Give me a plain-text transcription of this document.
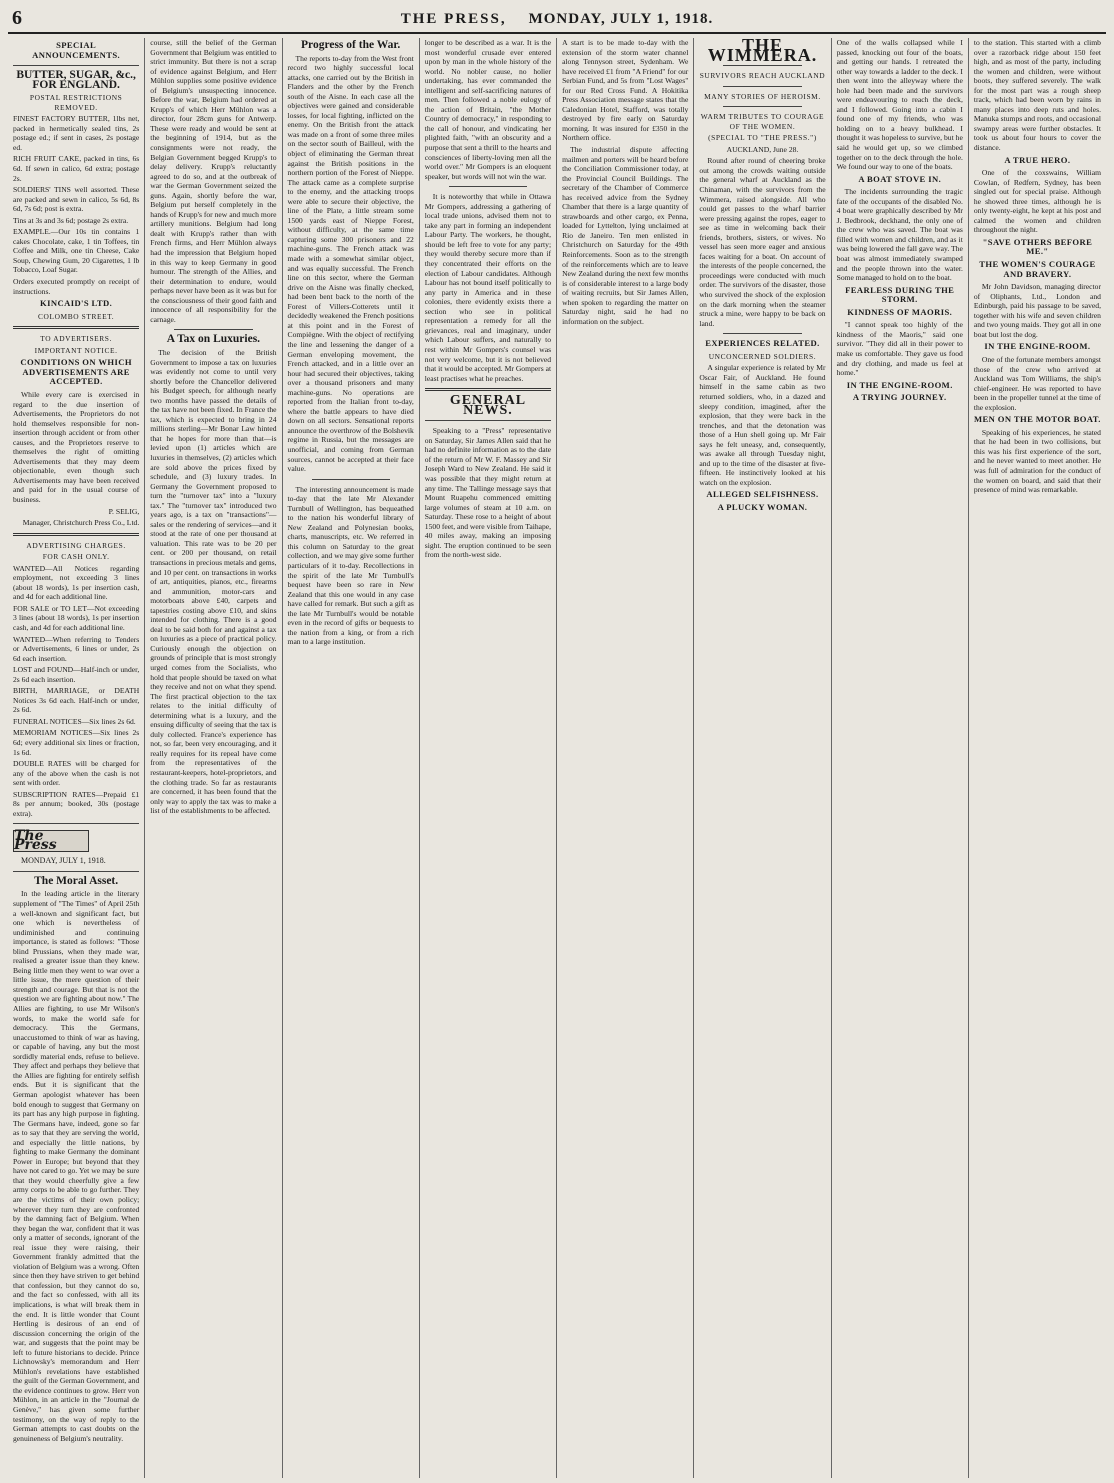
6	THE PRESS, MONDAY, JULY 1, 1918.
SPECIAL ANNOUNCEMENTS.
BUTTER, SUGAR, &c., FOR ENGLAND.
POSTAL RESTRICTIONS REMOVED.

FINEST FACTORY BUTTER, 1lbs net, packed in hermetically sealed tins, 2s postage ed.; if sent in cases, 2s postage ed.

RICH FRUIT CAKE, packed in tins, 6s 6d. If sewn in calico, 6d extra; postage 2s.

SOLDIERS' TINS well assorted. These are packed and sewn in calico, 5s 6d, 8s 6d, 7s 6d; post is extra.

Tins at 3s and 3s 6d; postage 2s extra.

EXAMPLE.—Our 10s tin contains 1 cakes Chocolate, cake, 1 tin Toffees, tin Coffee and Milk, one tin Cheese, Cake Soup, Chewing Gum, 20 Cigarettes, 1 lb Tobacco, Loaf Sugar.

Orders executed promptly on receipt of instructions.

KINCAID'S LTD.
COLOMBO STREET.
TO ADVERTISERS.
IMPORTANT NOTICE.
CONDITIONS ON WHICH ADVERTISEMENTS ARE ACCEPTED.

While every care is exercised in regard to the due insertion of Advertisements, the Proprietors do not hold themselves responsible for non-insertion through accident or from other causes, and the Proprietors reserve to themselves the right of omitting Advertisements that they may deem objectionable, even though such Advertisements may have been received and paid for in the usual course of business.

P. SELIG,

Manager, Christchurch Press Co., Ltd.

ADVERTISING CHARGES.
FOR CASH ONLY.

WANTED—All Notices regarding employment, not exceeding 3 lines (about 18 words), 1s per insertion cash, and 4d for each additional line.

FOR SALE or TO LET—Not exceeding 3 lines (about 18 words), 1s per insertion cash, and 4d for each additional line.

WANTED—When referring to Tenders or Advertisements, 6 lines or under, 2s 6d each insertion.

LOST and FOUND—Half-inch or under, 2s 6d each insertion.

BIRTH, MARRIAGE, or DEATH Notices 3s 6d each. Half-inch or under, 2s 6d.

FUNERAL NOTICES—Six lines 2s 6d.

MEMORIAM NOTICES—Six lines 2s 6d; every additional six lines or fraction, 1s 6d.

DOUBLE RATES will be charged for any of the above when the cash is not sent with order.

SUBSCRIPTION RATES—Prepaid £1 8s per annum; booked, 30s (postage extra).

The Press

MONDAY, JULY 1, 1918.

The Moral Asset.

In the leading article in the literary supplement of "The Times" of April 25th a well-known and significant fact, but one which is nevertheless of undiminished and continuing importance, is stated as follows: "Those blind Prussians, when they made war, realised a greater issue than they knew. Being little men they went to war over a little issue, the mere question of their strength and courage. But that is not the question we are fighting about now." The Allies are fighting, to use Mr Wilson's words, to make the world safe for democracy. This the Germans, unaccustomed to think of war as having, or capable of having, any but the most sordidly material ends, refuse to believe. They affect and perhaps they believe that the Allies are fighting for entirely selfish ends. But it is significant that the German apologist whatever has been bold enough to suggest that Germany on its part has any high purpose in fighting. The Germans have, indeed, gone so far as to say that they are serving the world, and especially the little nations, by fighting to make Germany the dominant Power in Europe; but beyond that they have not cared to go. Yet we may be sure that they would cheerfully give a few army corps to be able to go further. They are the victims of their own policy; wherever they turn they are confronted by the damning fact of Belgium. When they began the war, confident that it was only a matter of seconds, ignorant of the real issue they were raising, their Government frankly admitted that the violation of Belgium was a wrong. Often since then they have striven to get behind that confession, but they cannot do so, and the fact so confessed, with all its implications, is what will break them in the end. It is little wonder that Count Hertling is desirous of an end of discussion concerning the origin of the war, and suggests that the point may be left to future historians to decide. Prince Lichnowsky's memorandum and Herr Mühlon's revelations have established the guilt of the German Government, and the evidence continues to grow. Herr von Mühlon, in an article in the "Journal de Genève," has given some further testimony, on the way of reply to the German attempts to cast doubts on the genuineness of Belgium's neutrality.

course, still the belief of the German Government that Belgium was entitled to strict immunity. But there is not a scrap of evidence against Belgium, and Herr Mühlon supplies some positive evidence of Belgium's unsuspecting innocence. Before the war, Belgium had ordered at Krupp's of which Herr Mühlon was a director, four 28cm guns for Antwerp. These were ready and would be sent at the beginning of 1914, but as the consignments were not ready, the Belgian Government begged Krupp's to delay delivery. Krupp's reluctantly agreed to do so, and at the outbreak of war the German Government seized the guns. Again, shortly before the war, Belgium put herself completely in the hands of Krupp's for new and much more artillery munitions. Belgium had long dealt with Krupp's rather than with French firms, and Herr Mühlon always had the impression that Belgium hoped in this way to keep Germany in good humour. The strength of the Allies, and their determination to endure, would perhaps never have been as it was but for the consciousness of their good faith and innocence of all responsibility for the carnage.

A Tax on Luxuries.

The decision of the British Government to impose a tax on luxuries was evidently not come to until very shortly before the Chancellor delivered his Budget speech, for although nearly two months have passed the details of the tax have not been fixed. In France the tax, which is expected to bring in 24 millions sterling—Mr Bonar Law hinted that he hopes for more than that—is levied upon (1) articles which are luxuries in themselves, (2) articles which are sold above the prices fixed by schedule, and (3) luxury trades. In Germany the Government proposed to turn the "turnover tax" into a "luxury tax." The "turnover tax" introduced two years ago, is a tax on "transactions"—sales or the rendering of services—and it stood at the rate of one per thousand at valuation. This rate was to be 20 per cent. or 200 per thousand, on retail transactions in precious metals and gems, and 10 per cent. on transactions in works of art, antiquities, pianos, etc., firearms and ammunition, motor-cars and motorboats above £40, carpets and tapestries costing above £10, and skins intended for clothing. There is a good deal to be said both for and against a tax on luxuries as a piece of practical policy. Curiously enough the objection on grounds of principle that is most strongly urged comes from the Socialists, who hold that people should be taxed on what they receive and not on what they spend. The first practical objection to the tax relates to the initial difficulty of determining what is a luxury, and the ensuing difficulty of seeing that the tax is duly collected. France's experience has not, so far, been very encouraging, and it really requires for its repeal have come from the representatives of the restaurant-keepers, hotel-proprietors, and the clothing trade. So far as restaurants are concerned, it has been found that the only way to apply the tax was to make a list of the establishments to be affected.

Progress of the War.

The reports to-day from the West front record two highly successful local attacks, one carried out by the British in Flanders and the other by the French south of the Aisne. In each case all the objectives were gained and considerable losses, for local fighting, inflicted on the enemy. On the British front the attack was made on a front of some three miles on the sector south of Bailleul, with the object of eliminating the German threat against the British positions in the northern portion of the Forest of Nieppe. The attack came as a complete surprise to the enemy, and the attacking troops were able to secure their objective, the line of the Plate, a little stream some 1500 yards east of Nieppe Forest, without difficulty, at the same time capturing some 300 prisoners and 22 machine-guns. The French attack was made with a somewhat similar object, and was equally successful. The French line on this sector, where the German drive on the Aisne was finally checked, had been bent back to the north of the Forest of Villers-Cotterets until it decidedly weakened the French positions at this point and in the Forest of Compiègne. With the object of rectifying the line and lessening the danger of a German enveloping movement, the French attacked, and in a little over an hour had secured their objectives, taking over a thousand prisoners and many machine-guns. No operations are reported from the Italian front to-day, where the battle appears to have died down on all sectors. Sensational reports announce the overthrow of the Bolshevik regime in Russia, but the messages are unofficial, and coming from German sources, cannot be accepted at their face value.

The interesting announcement is made to-day that the late Mr Alexander Turnbull of Wellington, has bequeathed to the nation his wonderful library of New Zealand and Polynesian books, charts, manuscripts, etc. We referred in this column on Saturday to the great collection, and we may give some further particulars of it to-day. Recollections in the spirit of the late Mr Turnbull's bequest have been so rare in New Zealand that this one would in any case have called for remark. But such a gift as the late Mr Turnbull's would be notable even in the record of gifts or bequests to the nation from a king, or from a rich man to a large institution.

longer to be described as a war. It is the most wonderful crusade ever entered upon by man in the whole history of the world. No nobler cause, no holier undertaking, has ever commanded the intelligent and self-sacrificing natures of men. Then followed a noble eulogy of the action of Britain, "the Mother Country of democracy," in responding to the call of honour, and vindicating her plighted faith, "with an obscurity and a purpose that sent a thrill to the hearts and consciences of liberty-loving men all the world over." Mr Gompers is an eloquent speaker, but words will not win the war.

It is noteworthy that while in Ottawa Mr Gompers, addressing a gathering of local trade unions, advised them not to take any part in forming an independent Labour Party. The workers, he thought, should be left free to vote for any party; they would thereby secure more than if they concentrated their efforts on the election of Labour candidates. Although Labour has not bound itself politically to any party in America and in these colonies, there evidently exists there a section who see in political representation a remedy for all the grievances, real and imaginary, under which Labour suffers, and naturally to rest within Mr Gompers's counsel was not very welcome, but it is not believed that it would be accepted. Mr Gompers at least practises what he preaches.

GENERAL NEWS.

Speaking to a "Press" representative on Saturday, Sir James Allen said that he had no definite information as to the date of the return of Mr W. F. Massey and Sir Joseph Ward to New Zealand. He said it was possible that they might return at any time. The Tallinge message says that Mount Ruapehu commenced emitting large volumes of steam at 10 a.m. on Saturday. These rose to a height of about 1500 feet, and were visible from Taihape, 40 miles away, making an imposing sight. The eruption continued to be seen from the north-west side.

A start is to be made to-day with the extension of the storm water channel along Tennyson street, Sydenham. We have received £1 from "A Friend" for our Serbian Fund, and 5s from "Lost Wages" for our Red Cross Fund. A Hokitika Press Association message states that the Caledonian Hotel, Stafford, was totally destroyed by fire early on Saturday morning. It was insured for £350 in the Northern office.

The industrial dispute affecting mailmen and porters will be heard before the Conciliation Commissioner today, at the Provincial Council Buildings. The secretary of the Chamber of Commerce has received advice from the Sydney Chamber that there is a large quantity of strawboards and other cargo, ex Penna, loaded for Lyttelton, lying unclaimed at Rio de Janeiro. Ten men enlisted in Christchurch on Saturday for the 49th Reinforcements. Soon as to the strength of the reinforcements which are to leave New Zealand during the next few months is of considerable interest to a large body of waiting recruits, but Sir James Allen, when spoken to regarding the matter on Saturday night, said he had no information on the subject.

THE WIMMERA.
SURVIVORS REACH AUCKLAND
MANY STORIES OF HEROISM.
WARM TRIBUTES TO COURAGE OF THE WOMEN.
(SPECIAL TO "THE PRESS.")

AUCKLAND, June 28.

Round after round of cheering broke out among the crowds waiting outside the general wharf at Auckland as the Chinaman, with the survivors from the Wimmera, raised alongside. All who could get passes to the wharf barrier were pressing against the ropes, eager to see as time in welcoming back their friends, brothers, sisters, or wives. No vessel has seen more eager and anxious faces waiting for a boat. On account of the interests of the people concerned, the proceedings were conducted with much order. The survivors of the disaster, those who survived the shock of the explosion on the dark morning when the steamer struck a mine, were happy to be back on land.

EXPERIENCES RELATED.
UNCONCERNED SOLDIERS.

A singular experience is related by Mr Oscar Fair, of Auckland. He found himself in the same cabin as two returned soldiers, who, in a dazed and sleepy condition, imagined, after the explosion, that they were back in the trenches, and that the detonation was those of a Hun shell going up. Mr Fair says he felt uneasy, and, consequently, was awake all through Tuesday night, and up to the time of the disaster at five-fifteen. He instinctively looked at his watch on the explosion.

ALLEGED SELFISHNESS.
A PLUCKY WOMAN.

One of the walls collapsed while I passed, knocking out four of the boats, and getting our hands. I retreated the other way towards a ladder to the deck. I then went into the alleyway where the hole had been made and the survivors were endeavouring to reach the deck, and I followed. Going into a cabin I found one of my friends, who was holding on to a heavy bulkhead. I thought it was hopeless to survive, but he said he would get up, so we climbed together on to the deck through the hole. We found our way to one of the boats.

A BOAT STOVE IN.

The incidents surrounding the tragic fate of the occupants of the disabled No. 4 boat were graphically described by Mr J. Bedbrook, deckhand, the only one of the crew who was saved. The boat was filled with women and children, and as it was being lowered the fall gave way. The boat was almost immediately swamped and the people thrown into the water. Some managed to hold on to the boat.

FEARLESS DURING THE STORM.
KINDNESS OF MAORIS.

"I cannot speak too highly of the kindness of the Maoris," said one survivor. "They did all in their power to make us comfortable. They gave us food and dry clothing, and made us feel at home."

IN THE ENGINE-ROOM.
A TRYING JOURNEY.

to the station. This started with a climb over a razorback ridge about 150 feet high, and as most of the party, including the women and children, were without boots, they suffered severely. The walk for the most part was a rough sheep track, which had been worn by rains in many places into deep ruts and holes. Manuka stumps and roots, and occasional swampy areas were further obstacles. It took us about four hours to cover the distance.

A TRUE HERO.

One of the coxswains, William Cowlan, of Redfern, Sydney, has been singled out for special praise. Although he showed three times, although he is only twenty-eight, he kept at his post and calmed the women and children throughout the night.

"SAVE OTHERS BEFORE ME."
THE WOMEN'S COURAGE AND BRAVERY.

Mr John Davidson, managing director of Oliphants, Ltd., London and Edinburgh, paid his passage to be saved, together with his wife and seven children and two young maids. They got all in one boat but lost the dog.

IN THE ENGINE-ROOM.

One of the fortunate members amongst those of the crew who arrived at Auckland was Tom Williams, the ship's chief-engineer. He was reported to have been in the propeller tunnel at the time of the explosion.

MEN ON THE MOTOR BOAT.

Speaking of his experiences, he stated that he had been in two collisions, but this was his first experience of the sort, and he never wanted to meet another. He was full of admiration for the conduct of the women on board, and said that their presence of mind was remarkable.
